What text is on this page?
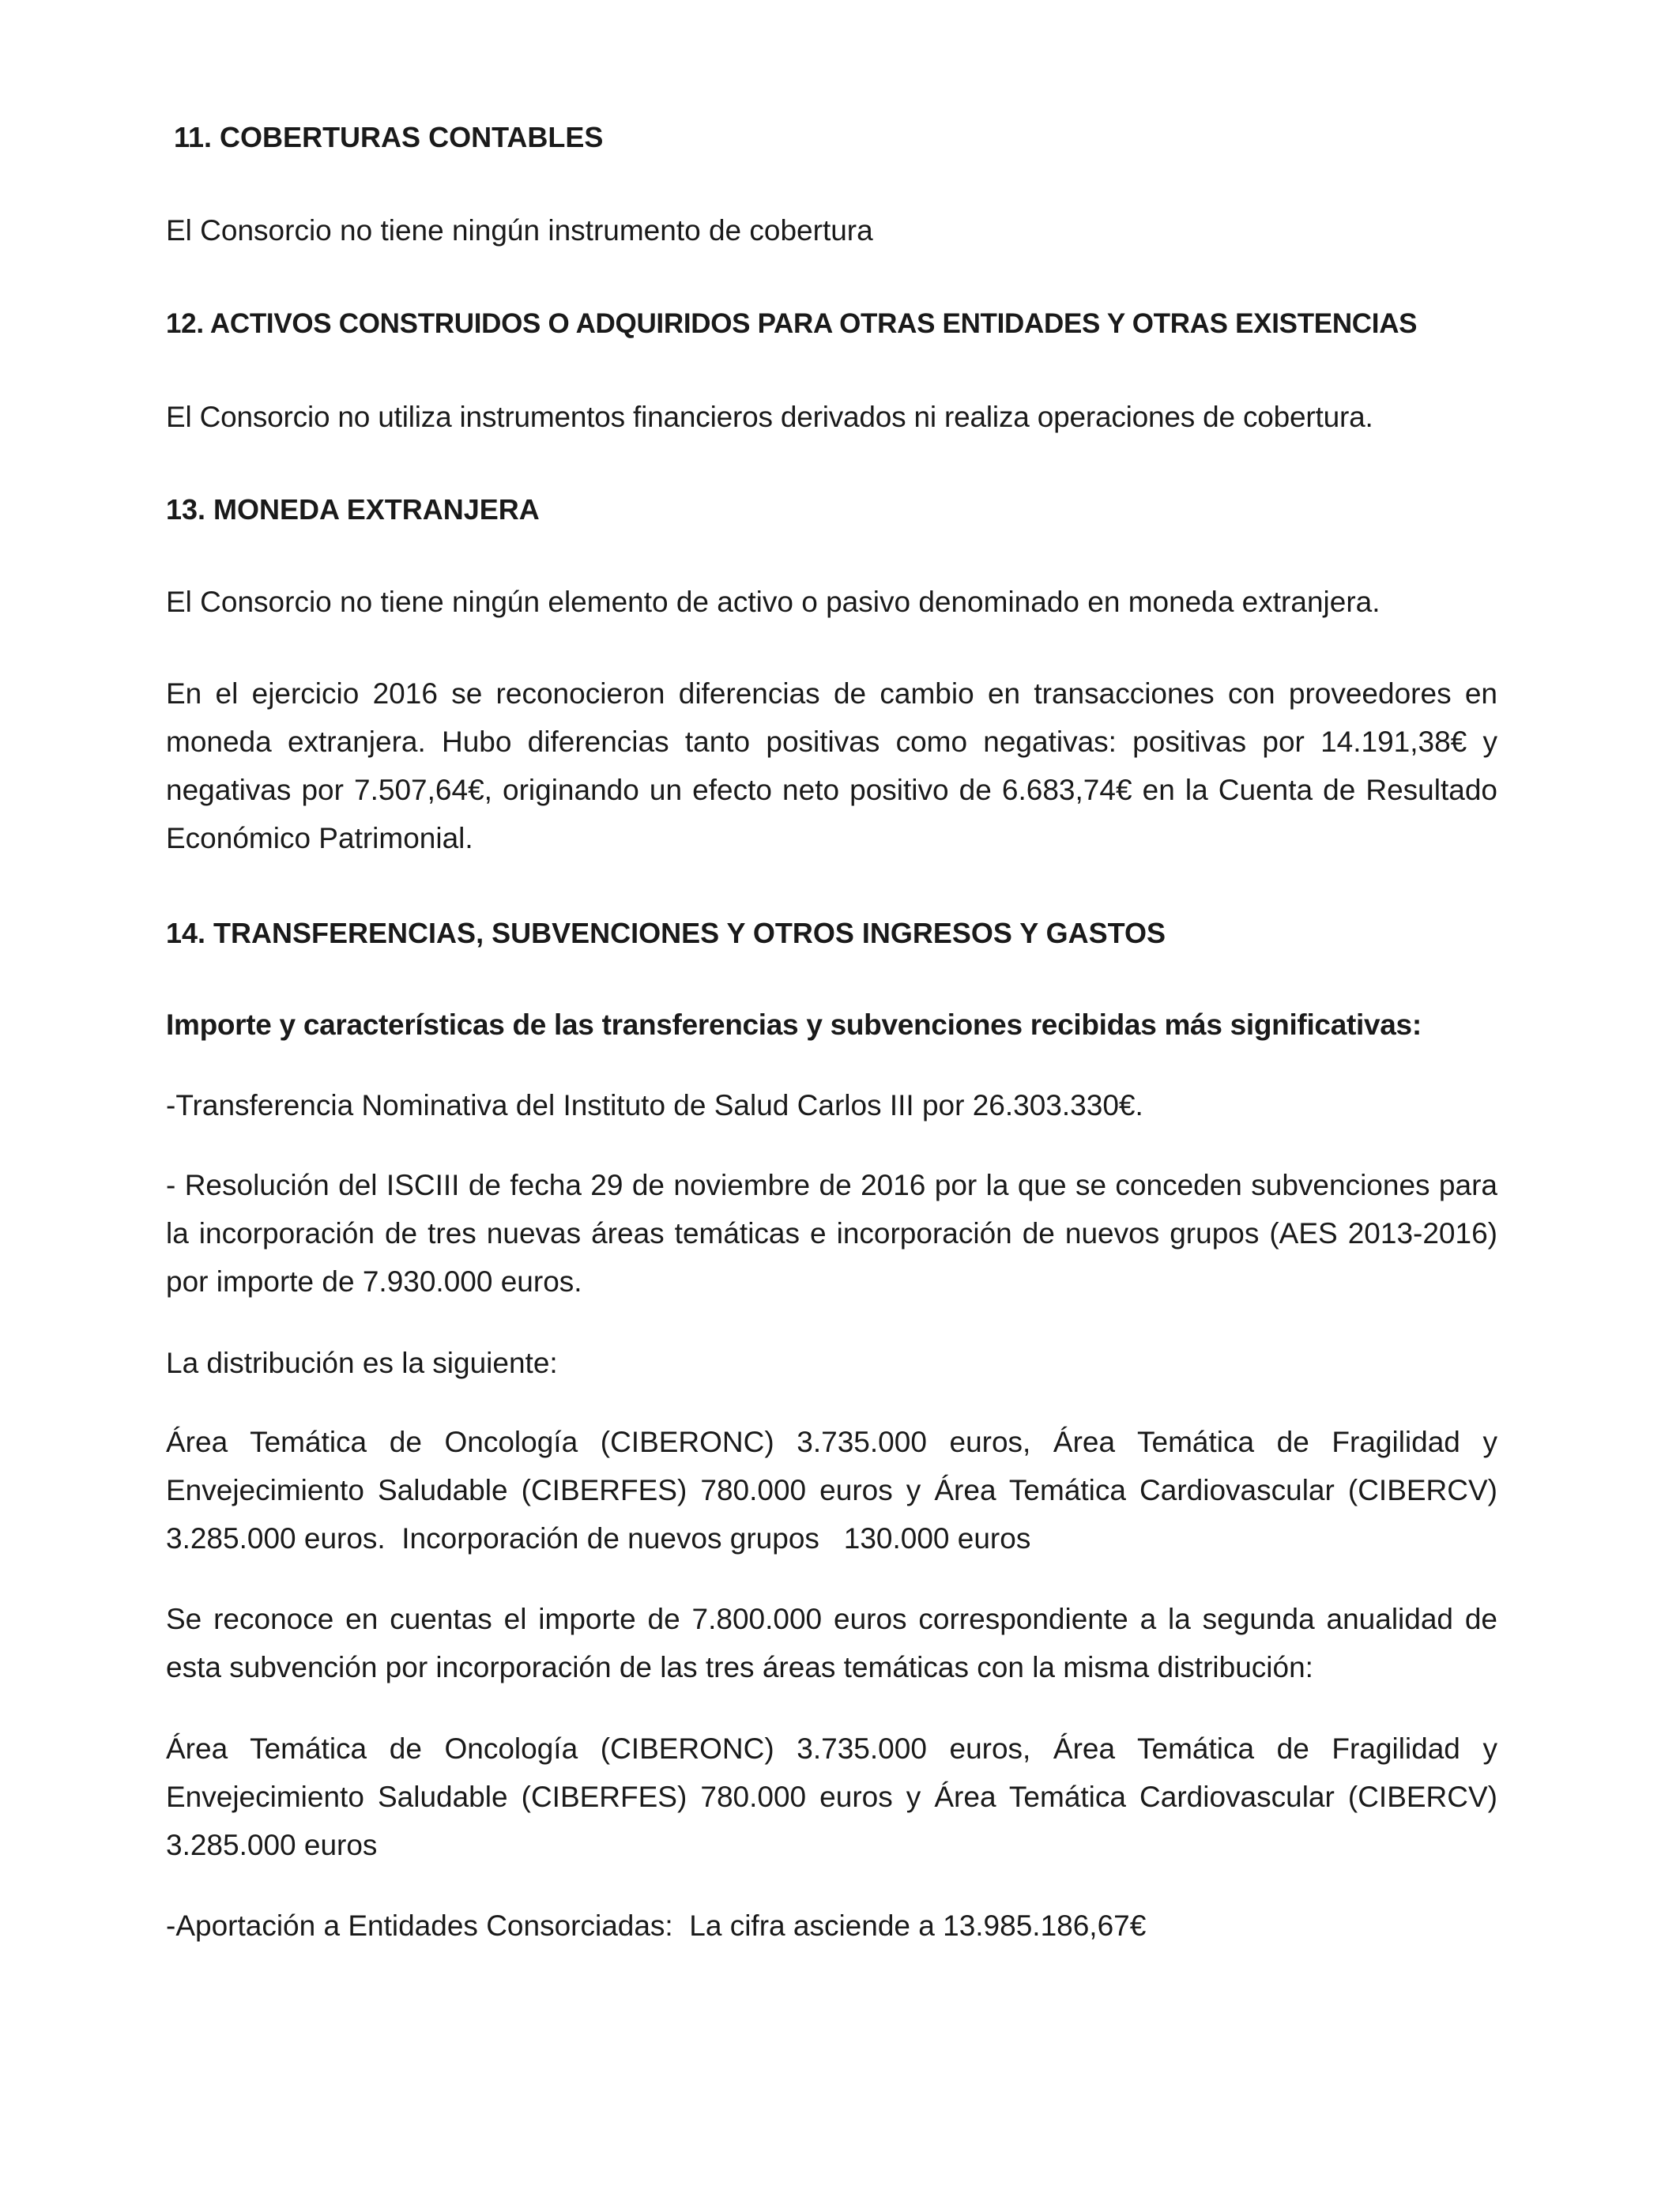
11. COBERTURAS CONTABLES

El Consorcio no tiene ningún instrumento de cobertura

12. ACTIVOS CONSTRUIDOS O ADQUIRIDOS PARA OTRAS ENTIDADES Y OTRAS EXISTENCIAS

El Consorcio no utiliza instrumentos financieros derivados ni realiza operaciones de cobertura.

13. MONEDA EXTRANJERA

El Consorcio no tiene ningún elemento de activo o pasivo denominado en moneda extranjera.

En el ejercicio 2016 se reconocieron diferencias de cambio en transacciones con proveedores en moneda extranjera. Hubo diferencias tanto positivas como negativas: positivas por 14.191,38€ y negativas por 7.507,64€, originando un efecto neto positivo de 6.683,74€ en la Cuenta de Resultado Económico Patrimonial.

14. TRANSFERENCIAS, SUBVENCIONES Y OTROS INGRESOS Y GASTOS

Importe y características de las transferencias y subvenciones recibidas más significativas:

-Transferencia Nominativa del Instituto de Salud Carlos III por 26.303.330€.

- Resolución del ISCIII de fecha 29 de noviembre de 2016 por la que se conceden subvenciones para la incorporación de tres nuevas áreas temáticas e incorporación de nuevos grupos (AES 2013-2016) por importe de 7.930.000 euros.

La distribución es la siguiente:

Área Temática de Oncología (CIBERONC) 3.735.000 euros, Área Temática de Fragilidad y Envejecimiento Saludable (CIBERFES) 780.000 euros y Área Temática Cardiovascular (CIBERCV) 3.285.000 euros.  Incorporación de nuevos grupos   130.000 euros

Se reconoce en cuentas el importe de 7.800.000 euros correspondiente a la segunda anualidad de esta subvención por incorporación de las tres áreas temáticas con la misma distribución:

Área Temática de Oncología (CIBERONC) 3.735.000 euros, Área Temática de Fragilidad y Envejecimiento Saludable (CIBERFES) 780.000 euros y Área Temática Cardiovascular (CIBERCV) 3.285.000 euros

-Aportación a Entidades Consorciadas:  La cifra asciende a 13.985.186,67€
